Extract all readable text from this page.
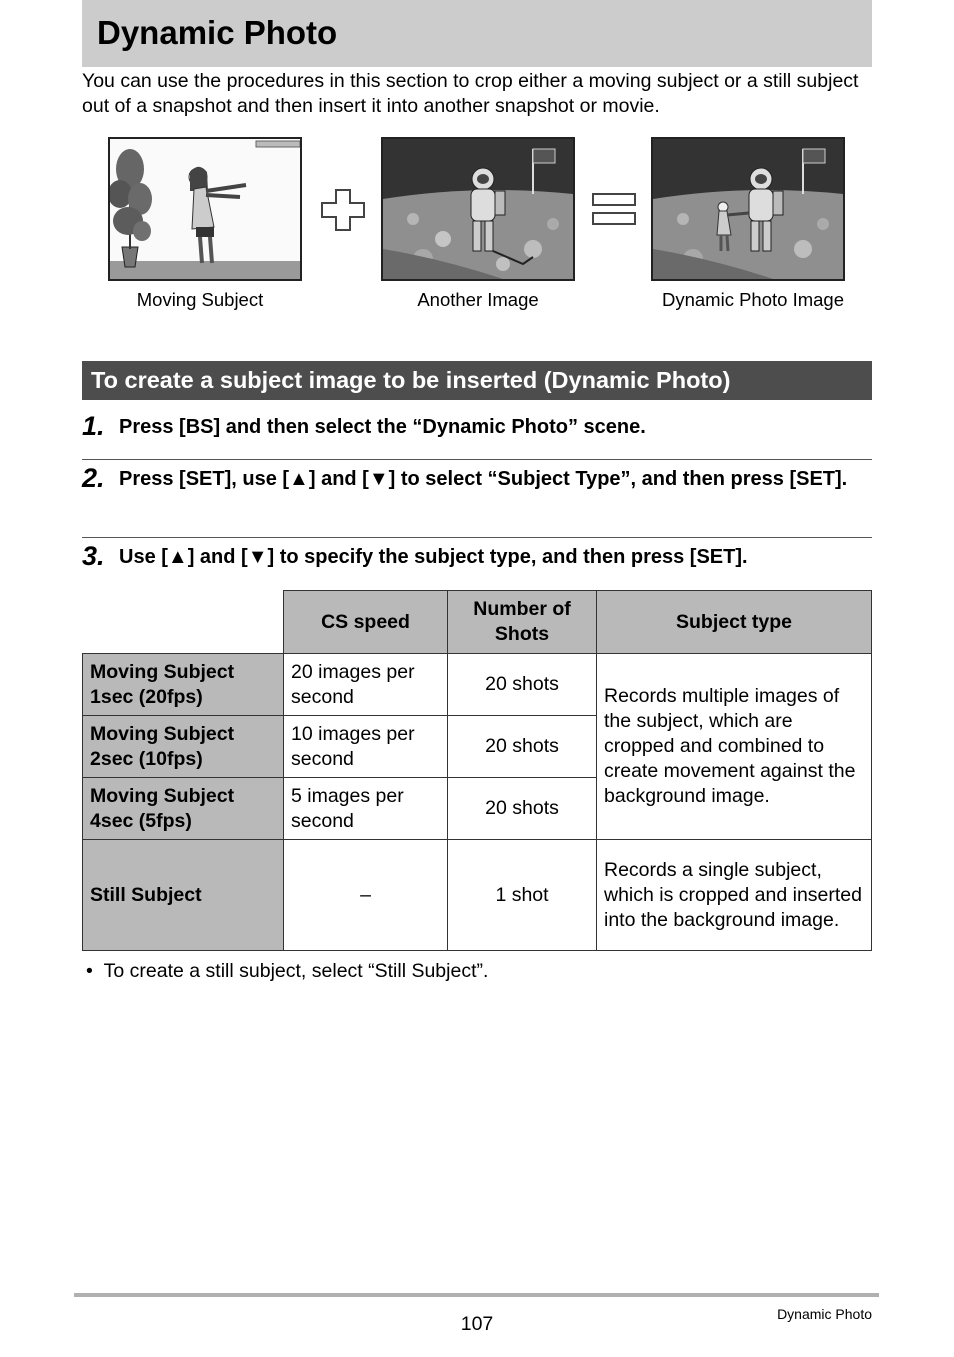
Dynamic Photo
You can use the procedures in this section to crop either a moving subject or a still subject out of a snapshot and then insert it into another snapshot or movie.
Moving Subject	Another Image	Dynamic Photo Image
To create a subject image to be inserted (Dynamic Photo)
1. Press [BS] and then select the “Dynamic Photo” scene.
2. Press [SET], use [▲] and [▼] to select “Subject Type”, and then press [SET].
3. Use [▲] and [▼] to specify the subject type, and then press [SET].
	CS speed	Number of Shots	Subject type
Moving Subject 1sec (20fps)	20 images per second	20 shots	Records multiple images of the subject, which are cropped and combined to create movement against the background image.
Moving Subject 2sec (10fps)	10 images per second	20 shots	
Moving Subject 4sec (5fps)	5 images per second	20 shots	
Still Subject	–	1 shot	Records a single subject, which is cropped and inserted into the background image.
•  To create a still subject, select “Still Subject”.
107	Dynamic Photo
